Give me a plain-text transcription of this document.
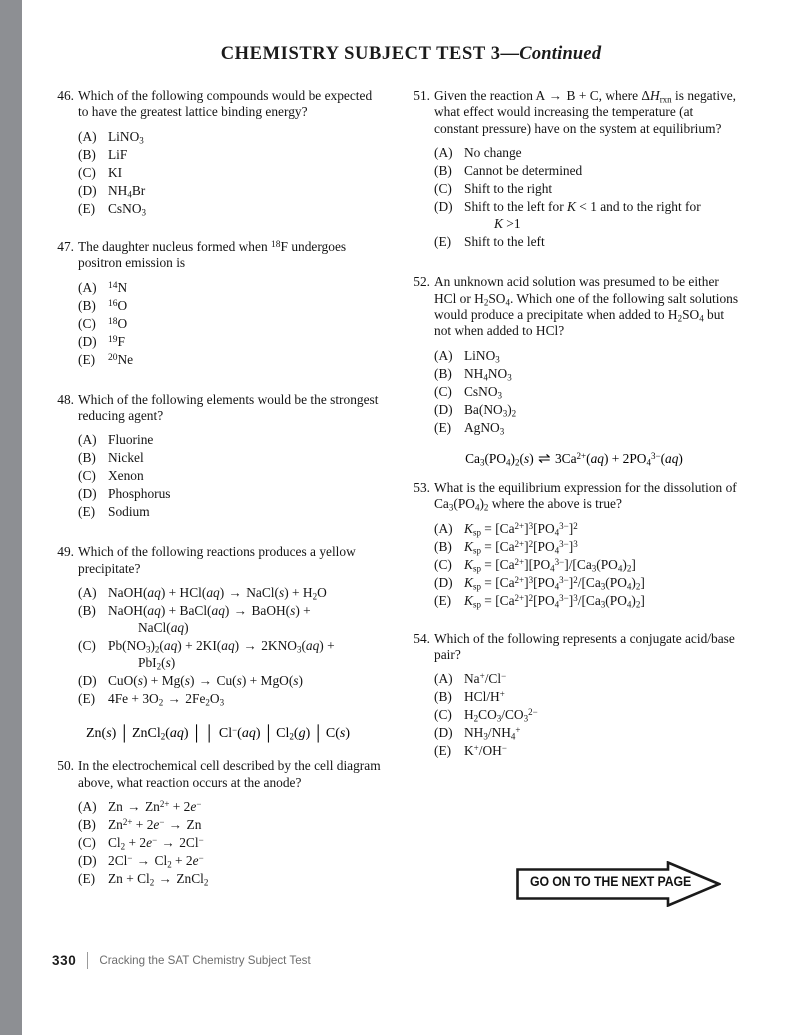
CHEMISTRY SUBJECT TEST 3—Continued
46. Which of the following compounds would be expected to have the greatest lattice binding energy?
(A) LiNO$_3$
(B) LiF
(C) KI
(D) $NH_4Br$
(E) CsNO$_3$
47. The daughter nucleus formed when $^{18}$F undergoes positron emission is
(A) $^{14}$N
(B) $^{16}$O
(C) $^{18}$O
(D) $^{19}$F
(E) $^{20}$Ne
48. Which of the following elements would be the strongest reducing agent?
(A) Fluorine
(B) Nickel
(C) Xenon
(D) Phosphorus
(E) Sodium
49. Which of the following reactions produces a yellow precipitate?
(A) NaOH(aq) + HCl(aq) → NaCl(s) + $H_2O$
(B) NaOH(aq) + BaCl(aq) → BaOH(s) +
NaCl(aq)
(C) $Pb(NO_3)_2(aq) + 2KI(aq) \to 2KNO_3(aq)$ +
PbI$_2$(s)
(D) CuO(s) + Mg(s) → Cu(s) + MgO(s)
(E) $4Fe + 3O_2 \to 2Fe_2O_3$
Zn(s) │ ZnCl$_2$(aq) ││ Cl−(aq) │ $Cl_2(g)$ │ C(s)
50. In the electrochemical cell described by the cell diagram above, what reaction occurs at the anode?
(A) $Zn \to Zn^{2+} + 2e^-$
(B) $Zn^{2+} + 2e^- \to Zn$
(C) $Cl_2 + 2e^- \to 2Cl^-$
(D) $2Cl^- \to Cl_2 + 2e^-$
(E) $Zn + Cl_2$ → ZnCl$_2$
51. Given the reaction A → B + C, where $\Delta H_{rxn}$ is negative, what effect would increasing the temperature (at constant pressure) have on the system at equilibrium?
(A) No change
(B) Cannot be determined
(C) Shift to the right
(D) Shift to the left for K < 1 and to the right for
K >1
(E) Shift to the left
52. An unknown acid solution was presumed to be either HCl or $H_2SO_4$. Which one of the following salt solutions would produce a precipitate when added to $H_2SO_4$ but not when added to HCl?
(A) LiNO$_3$
(B) $NH_4NO_3$
(C) CsNO$_3$
(D) $Ba(NO_3)_2$
(E) AgNO$_3$
$Ca_3(PO_4)_2(s)$ ⇌ $3Ca^{2+}(aq) + 2PO_4^{3-}(aq)$
53. What is the equilibrium expression for the dissolution of $Ca_3(PO_4)_2$ where the above is true?
(A) $K_{sp} = [Ca^{2+}]^3[PO_4^{3-}]^2$
(B) $K_{sp} = [Ca^{2+}]^2[PO_4^{3-}]^3$
(C) $K_{sp} = [Ca^{2+}][PO_4^{3-}]/[Ca_3(PO_4)_2]$
(D) $K_{sp} = [Ca^{2+}]^3[PO_4^{3-}]^2/[Ca_3(PO_4)_2]$
(E) $K_{sp} = [Ca^{2+}]^2[PO_4^{3-}]^3/[Ca_3(PO_4)_2]$
54. Which of the following represents a conjugate acid/base pair?
(A) Na+/Cl−
(B) HCl/H+
(C) $H_2CO_3/CO_3^{2-}$
(D) $NH_3/NH_4^+$
(E) K+/OH−
GO ON TO THE NEXT PAGE
330 Cracking the SAT Chemistry Subject Test
